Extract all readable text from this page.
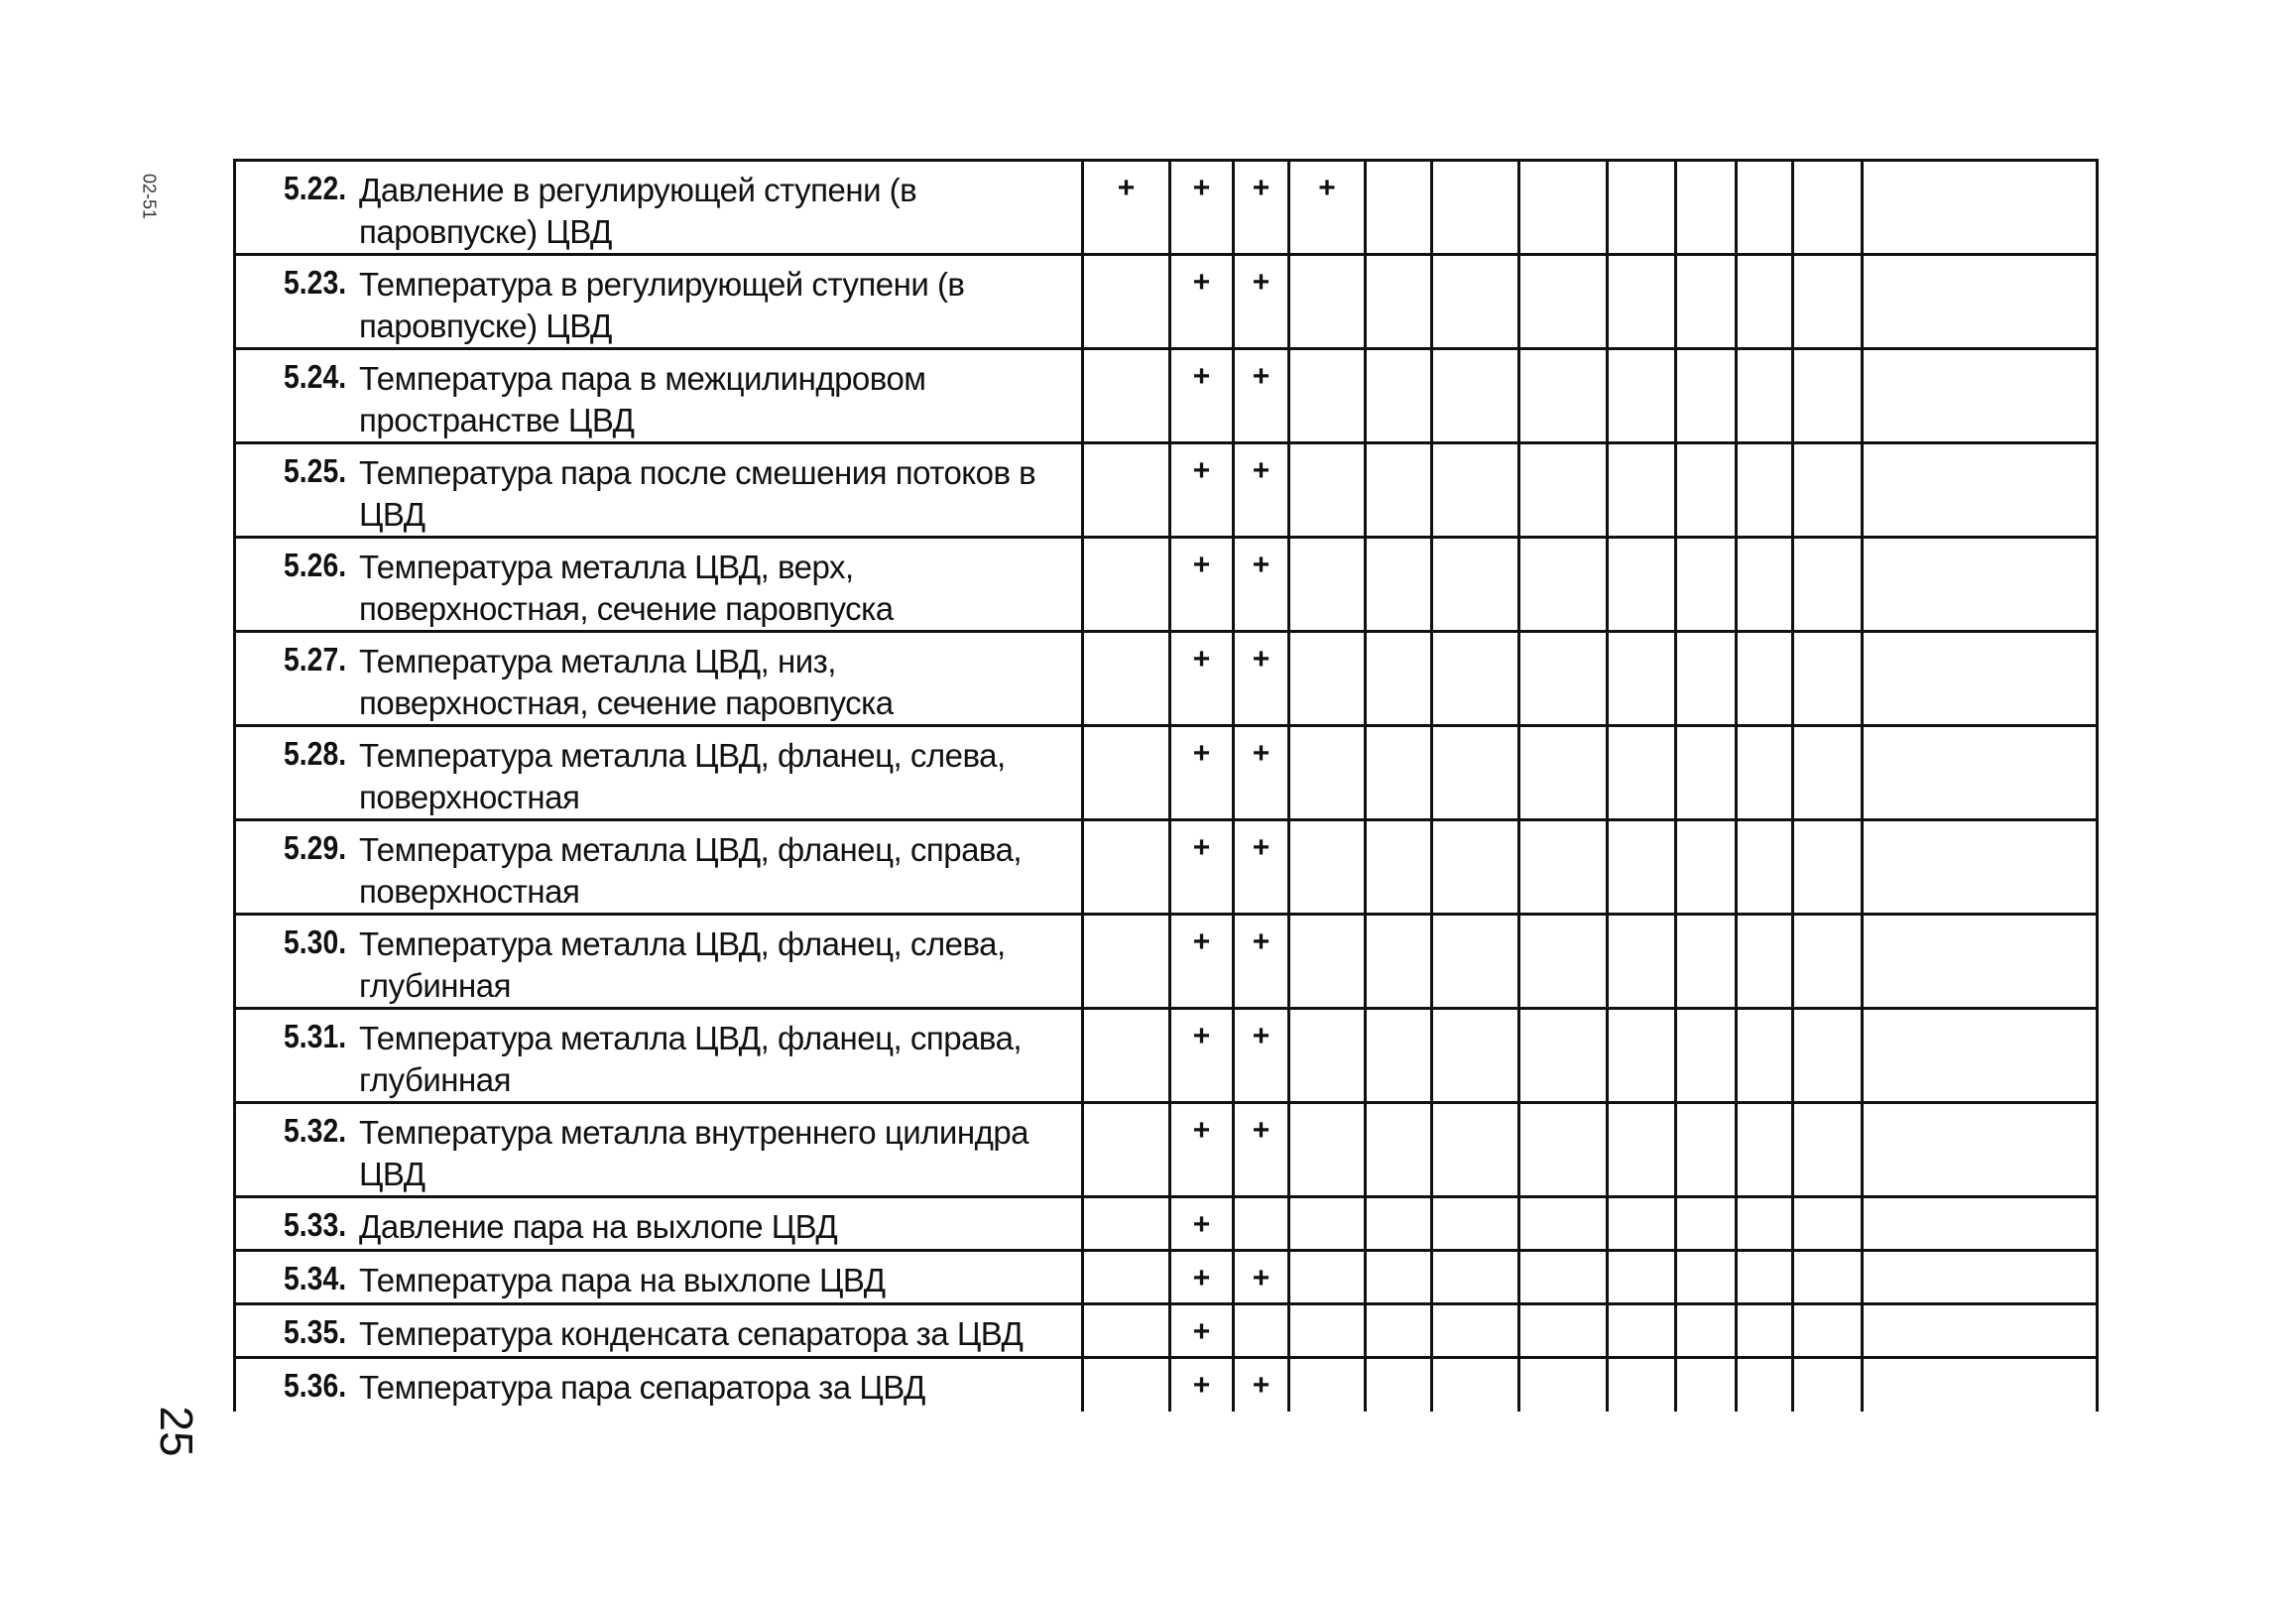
02-51
25
5.22. Давление в регулирующей ступени (в паровпуске) ЦВД	+	+	+	+								

5.23. Температура в регулирующей ступени (в паровпуске) ЦВД		+	+									

5.24. Температура пара в межцилиндровом пространстве ЦВД		+	+									

5.25. Температура пара после смешения потоков в ЦВД		+	+									

5.26. Температура металла ЦВД, верх, поверхностная, сечение паровпуска		+	+									

5.27. Температура металла ЦВД, низ, поверхностная, сечение паровпуска		+	+									

5.28. Температура металла ЦВД, фланец, слева, поверхностная		+	+									

5.29. Температура металла ЦВД, фланец, справа, поверхностная		+	+									

5.30. Температура металла ЦВД, фланец, слева, глубинная		+	+									

5.31. Температура металла ЦВД, фланец, справа, глубинная		+	+									

5.32. Температура металла внутреннего цилиндра ЦВД		+	+									

5.33. Давление пара на выхлопе ЦВД		+										

5.34. Температура пара на выхлопе ЦВД		+	+									

5.35. Температура конденсата сепаратора за ЦВД		+										

5.36. Температура пара сепаратора за ЦВД		+	+									
